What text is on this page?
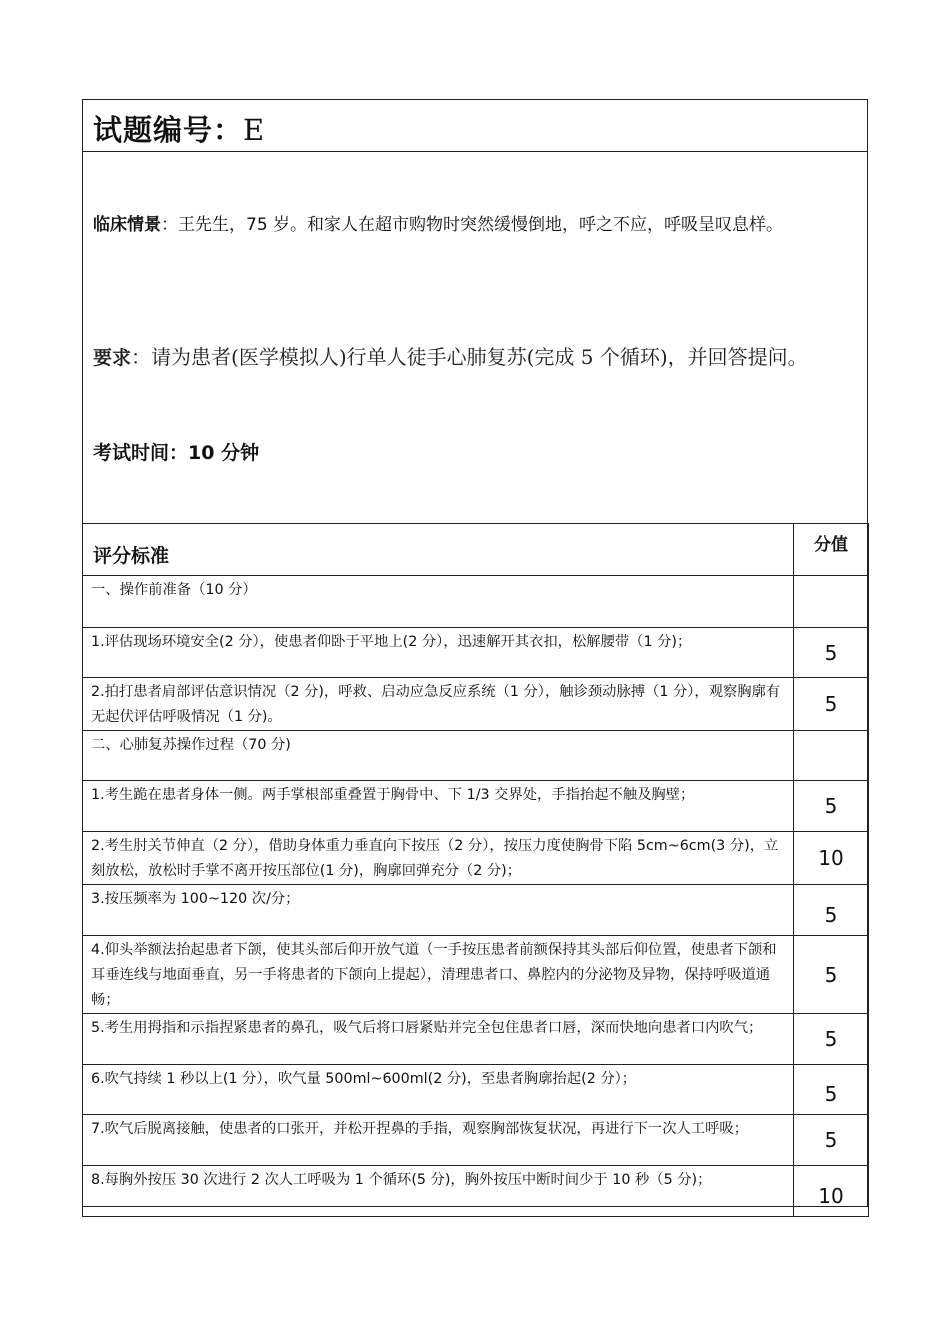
试题编号：E
临床情景：王先生，75 岁。和家人在超市购物时突然缓慢倒地，呼之不应，呼吸呈叹息样。
要求：请为患者(医学模拟人)行单人徒手心肺复苏(完成 5 个循环)，并回答提问。
考试时间：10 分钟
评分标准	分值
一、操作前准备（10 分）	
1.评估现场环境安全(2 分），使患者仰卧于平地上(2 分），迅速解开其衣扣，松解腰带（1 分)；	5
2.拍打患者肩部评估意识情况（2 分)，呼救、启动应急反应系统（1 分），触诊颈动脉搏（1 分），观察胸廓有无起伏评估呼吸情况（1 分)。	5
二、心肺复苏操作过程（70 分)	
1.考生跪在患者身体一侧。两手掌根部重叠置于胸骨中、下 1/3 交界处，手指抬起不触及胸壁；	5
2.考生肘关节伸直（2 分），借助身体重力垂直向下按压（2 分），按压力度使胸骨下陷 5cm~6cm(3 分)，立刻放松，放松时手掌不离开按压部位(1 分)，胸廓回弹充分（2 分)；	10
3.按压频率为 100~120 次/分；	5
4.仰头举额法抬起患者下颌，使其头部后仰开放气道（一手按压患者前额保持其头部后仰位置，使患者下颌和耳垂连线与地面垂直，另一手将患者的下颌向上提起），清理患者口、鼻腔内的分泌物及异物，保持呼吸道通畅；	5
5.考生用拇指和示指捏紧患者的鼻孔，吸气后将口唇紧贴并完全包住患者口唇，深而快地向患者口内吹气；	5
6.吹气持续 1 秒以上(1 分），吹气量 500ml~600ml(2 分)，至患者胸廓抬起(2 分）；	5
7.吹气后脱离接触，使患者的口张开，并松开捏鼻的手指，观察胸部恢复状况，再进行下一次人工呼吸；	5
8.每胸外按压 30 次进行 2 次人工呼吸为 1 个循环(5 分)，胸外按压中断时间少于 10 秒（5 分)；	10
